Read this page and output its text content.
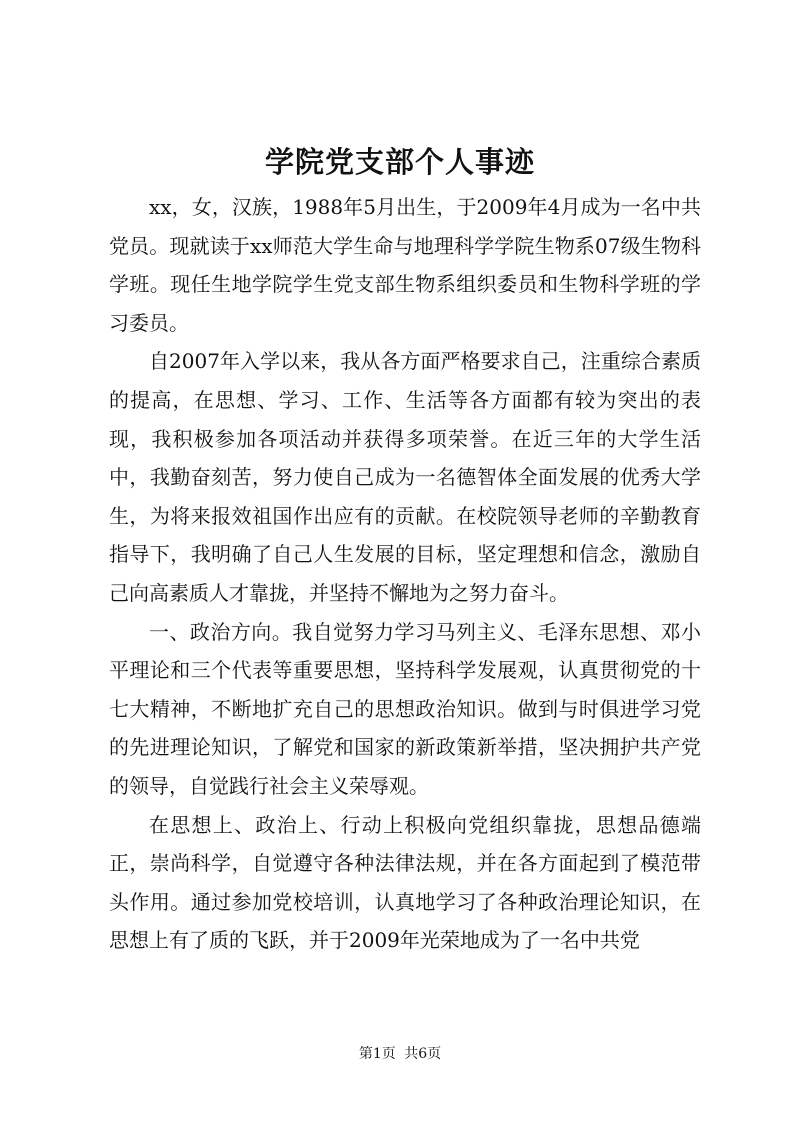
学院党支部个人事迹

xx，女，汉族，1988年5月出生，于2009年4月成为一名中共党员。现就读于xx师范大学生命与地理科学学院生物系07级生物科学班。现任生地学院学生党支部生物系组织委员和生物科学班的学习委员。

自2007年入学以来，我从各方面严格要求自己，注重综合素质的提高，在思想、学习、工作、生活等各方面都有较为突出的表现，我积极参加各项活动并获得多项荣誉。在近三年的大学生活中，我勤奋刻苦，努力使自己成为一名德智体全面发展的优秀大学生，为将来报效祖国作出应有的贡献。在校院领导老师的辛勤教育指导下，我明确了自己人生发展的目标，坚定理想和信念，激励自己向高素质人才靠拢，并坚持不懈地为之努力奋斗。

一、政治方向。我自觉努力学习马列主义、毛泽东思想、邓小平理论和三个代表等重要思想，坚持科学发展观，认真贯彻党的十七大精神，不断地扩充自己的思想政治知识。做到与时俱进学习党的先进理论知识，了解党和国家的新政策新举措，坚决拥护共产党的领导，自觉践行社会主义荣辱观。

在思想上、政治上、行动上积极向党组织靠拢，思想品德端正，崇尚科学，自觉遵守各种法律法规，并在各方面起到了模范带头作用。通过参加党校培训，认真地学习了各种政治理论知识，在思想上有了质的飞跃，并于2009年光荣地成为了一名中共党

第1页 共6页
